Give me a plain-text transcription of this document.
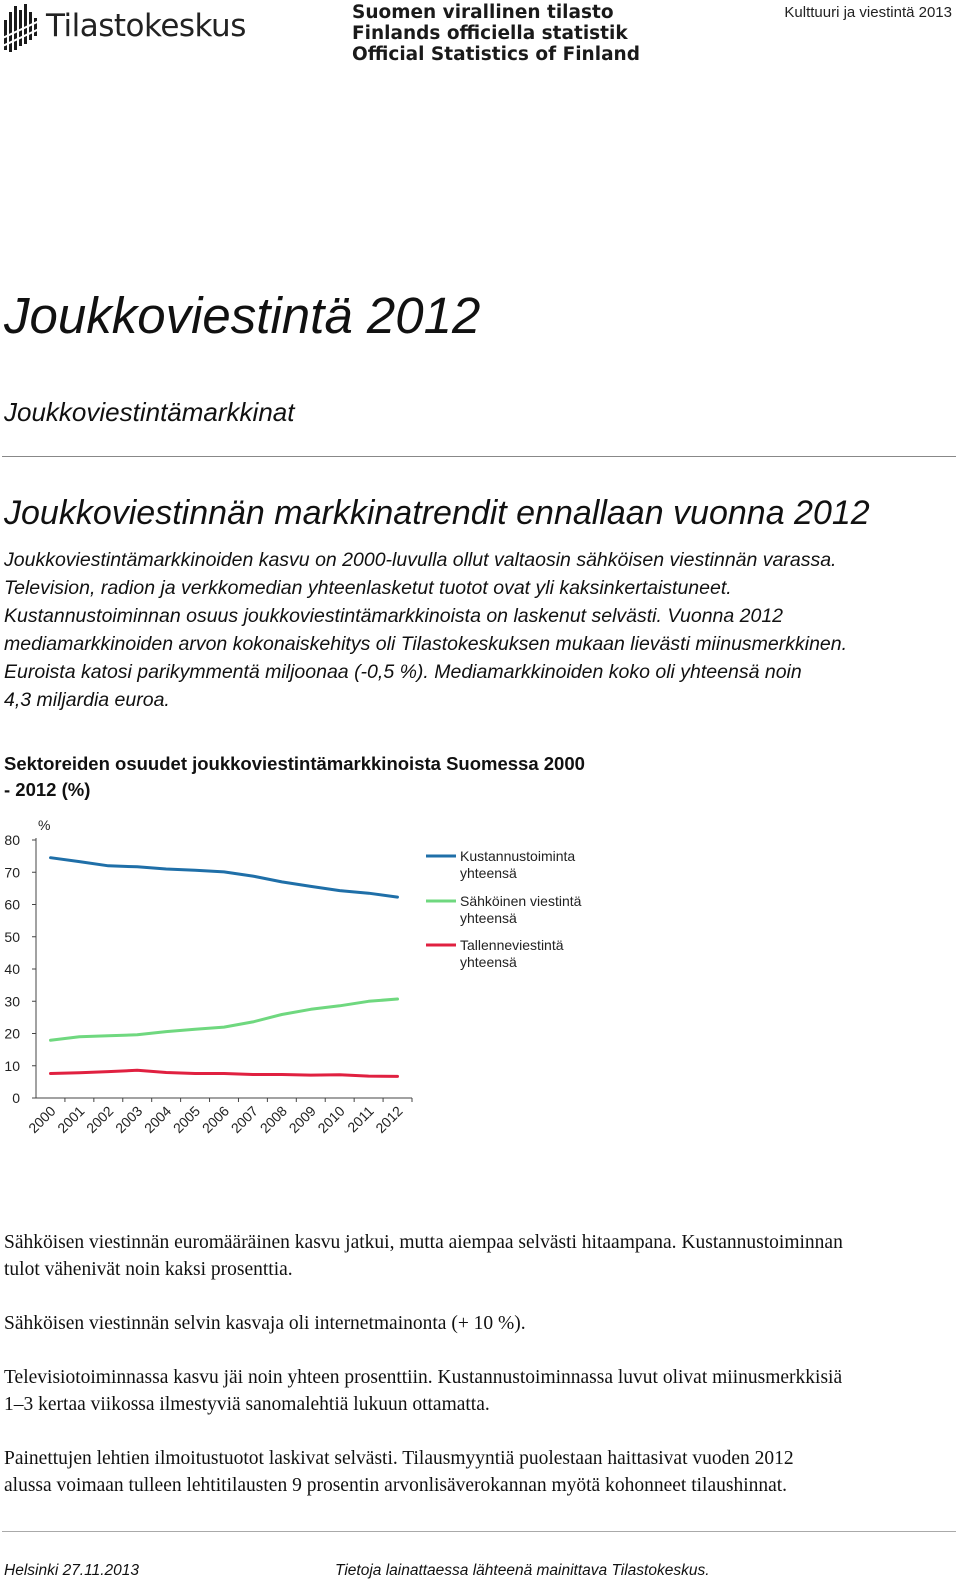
Tilastokeskus	Suomen virallinen tilasto
Finlands officiella statistik
Official Statistics of Finland
Kulttuuri ja viestintä 2013
Joukkoviestintä 2012
Joukkoviestintämarkkinat
Joukkoviestinnän markkinatrendit ennallaan vuonna 2012

Joukkoviestintämarkkinoiden kasvu on 2000-luvulla ollut valtaosin sähköisen viestinnän varassa.
Television, radion ja verkkomedian yhteenlasketut tuotot ovat yli kaksinkertaistuneet.
Kustannustoiminnan osuus joukkoviestintämarkkinoista on laskenut selvästi. Vuonna 2012
mediamarkkinoiden arvon kokonaiskehitys oli Tilastokeskuksen mukaan lievästi miinusmerkkinen.
Euroista katosi parikymmentä miljoonaa (-0,5 %). Mediamarkkinoiden koko oli yhteensä noin
4,3 miljardia euroa.

Sektoreiden osuudet joukkoviestintämarkkinoista Suomessa 2000
- 2012 (%)

%
0
10
20
30
40
50
60
70
80
2000
2001
2002
2003
2004
2005
2006
2007
2008
2009
2010
2011
2012
Kustannustoiminta
yhteensä
Sähköinen viestintä
yhteensä
Tallenneviestintä
yhteensä

Sähköisen viestinnän euromääräinen kasvu jatkui, mutta aiempaa selvästi hitaampana. Kustannustoiminnan
tulot vähenivät noin kaksi prosenttia.

Sähköisen viestinnän selvin kasvaja oli internetmainonta (+ 10 %).

Televisiotoiminnassa kasvu jäi noin yhteen prosenttiin. Kustannustoiminnassa luvut olivat miinusmerkkisiä
1–3 kertaa viikossa ilmestyviä sanomalehtiä lukuun ottamatta.

Painettujen lehtien ilmoitustuotot laskivat selvästi. Tilausmyyntiä puolestaan haittasivat vuoden 2012
alussa voimaan tulleen lehtitilausten 9 prosentin arvonlisäverokannan myötä kohonneet tilaushinnat.

Helsinki 27.11.2013	Tietoja lainattaessa lähteenä mainittava Tilastokeskus.
